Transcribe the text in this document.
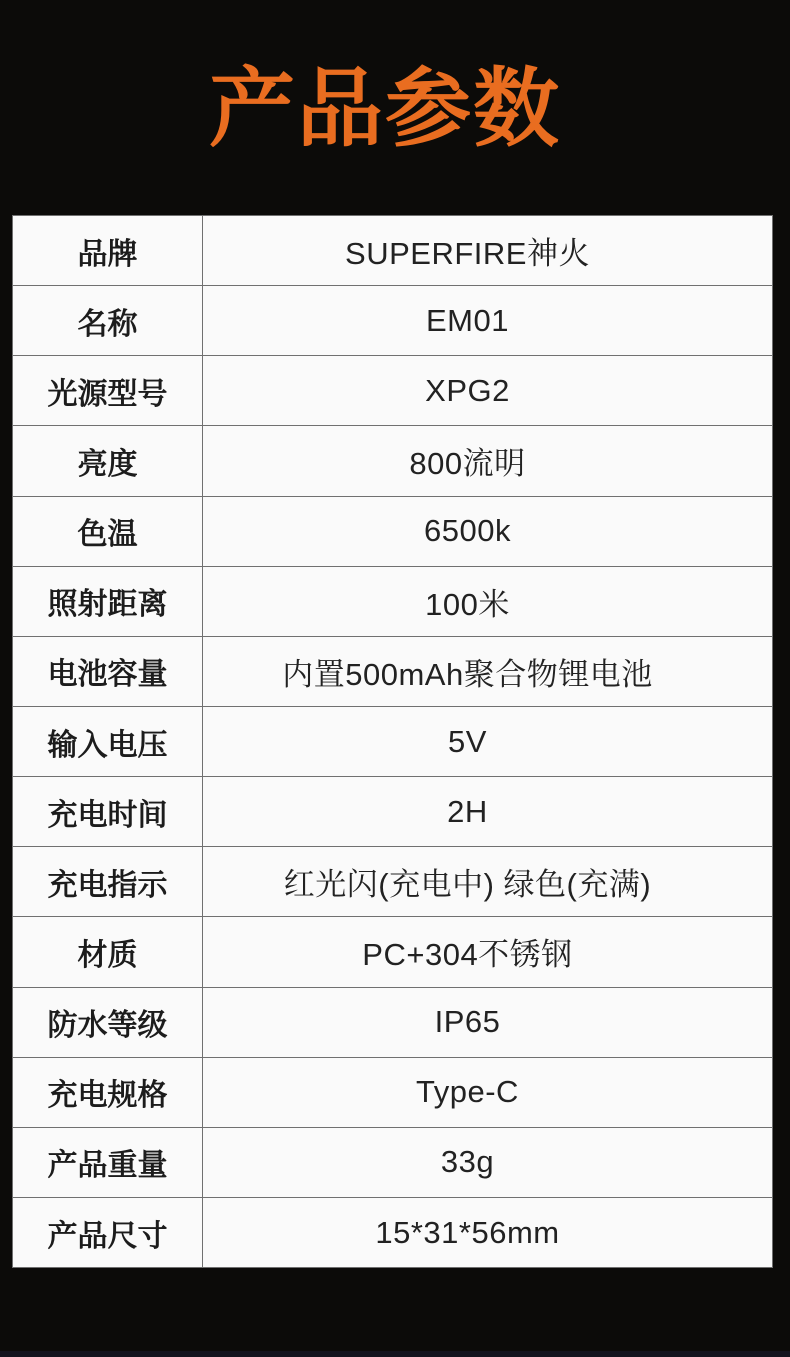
产品参数
品牌	SUPERFIRE神火
名称	EM01
光源型号	XPG2
亮度	800流明
色温	6500k
照射距离	100米
电池容量	内置500mAh聚合物锂电池
输入电压	5V
充电时间	2H
充电指示	红光闪(充电中) 绿色(充满)
材质	PC+304不锈钢
防水等级	IP65
充电规格	Type-C
产品重量	33g
产品尺寸	15*31*56mm
